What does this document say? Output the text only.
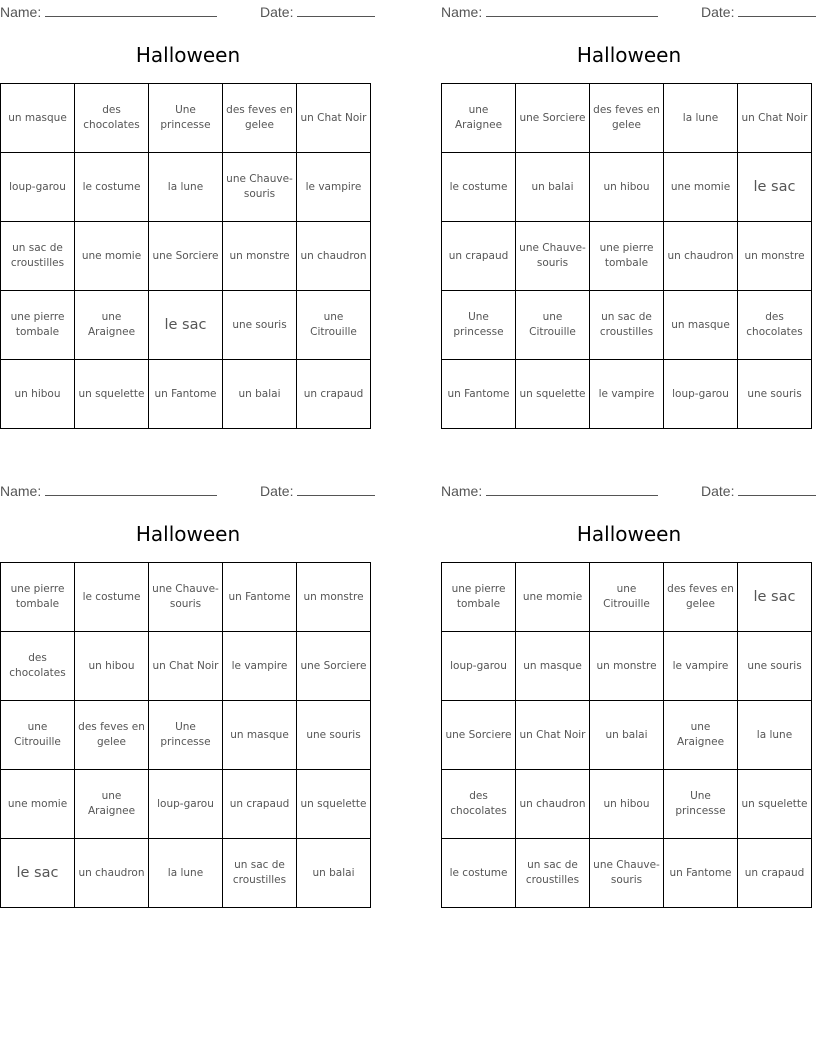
Name:	Date:
Halloween
un masque	des chocolates	Une princesse	des feves en gelee	un Chat Noir
loup-garou	le costume	la lune	une Chauve-souris	le vampire
un sac de croustilles	une momie	une Sorciere	un monstre	un chaudron
une pierre tombale	une Araignee	le sac	une souris	une Citrouille
un hibou	un squelette	un Fantome	un balai	un crapaud
Name:	Date:
Halloween
une Araignee	une Sorciere	des feves en gelee	la lune	un Chat Noir
le costume	un balai	un hibou	une momie	le sac
un crapaud	une Chauve-souris	une pierre tombale	un chaudron	un monstre
Une princesse	une Citrouille	un sac de croustilles	un masque	des chocolates
un Fantome	un squelette	le vampire	loup-garou	une souris
Name:	Date:
Halloween
une pierre tombale	le costume	une Chauve-souris	un Fantome	un monstre
des chocolates	un hibou	un Chat Noir	le vampire	une Sorciere
une Citrouille	des feves en gelee	Une princesse	un masque	une souris
une momie	une Araignee	loup-garou	un crapaud	un squelette
le sac	un chaudron	la lune	un sac de croustilles	un balai
Name:	Date:
Halloween
une pierre tombale	une momie	une Citrouille	des feves en gelee	le sac
loup-garou	un masque	un monstre	le vampire	une souris
une Sorciere	un Chat Noir	un balai	une Araignee	la lune
des chocolates	un chaudron	un hibou	Une princesse	un squelette
le costume	un sac de croustilles	une Chauve-souris	un Fantome	un crapaud
